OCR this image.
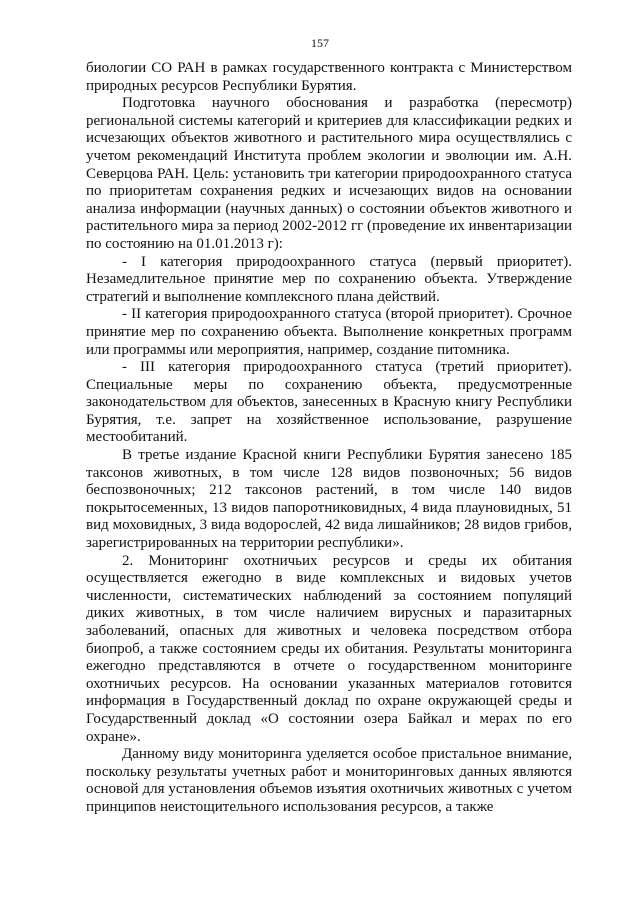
157

биологии СО РАН в рамках государственного контракта с Министерством природных ресурсов Республики Бурятия.

Подготовка научного обоснования и разработка (пересмотр) региональной системы категорий и критериев для классификации редких и исчезающих объектов животного и растительного мира осуществлялись с учетом рекомендаций Института проблем экологии и эволюции им. А.Н. Северцова РАН. Цель: установить три категории природоохранного статуса по приоритетам сохранения редких и исчезающих видов на основании анализа информации (научных данных) о состоянии объектов животного и растительного мира за период 2002-2012 гг (проведение их инвентаризации по состоянию на 01.01.2013 г):

- I категория природоохранного статуса (первый приоритет). Незамедлительное принятие мер по сохранению объекта. Утверждение стратегий и выполнение комплексного плана действий.

- II категория природоохранного статуса (второй приоритет). Срочное принятие мер по сохранению объекта. Выполнение конкретных программ или программы или мероприятия, например, создание питомника.

- III категория природоохранного статуса (третий приоритет). Специальные меры по сохранению объекта, предусмотренные законодательством для объектов, занесенных в Красную книгу Республики Бурятия, т.е. запрет на хозяйственное использование, разрушение местообитаний.

В третье издание Красной книги Республики Бурятия занесено 185 таксонов животных, в том числе 128 видов позвоночных; 56 видов беспозвоночных; 212 таксонов растений, в том числе 140 видов покрытосеменных, 13 видов папоротниковидных, 4 вида плауновидных, 51 вид моховидных, 3 вида водорослей, 42 вида лишайников; 28 видов грибов, зарегистрированных на территории республики».

2. Мониторинг охотничьих ресурсов и среды их обитания осуществляется ежегодно в виде комплексных и видовых учетов численности, систематических наблюдений за состоянием популяций диких животных, в том числе наличием вирусных и паразитарных заболеваний, опасных для животных и человека посредством отбора биопроб, а также состоянием среды их обитания. Результаты мониторинга ежегодно представляются в отчете о государственном мониторинге охотничьих ресурсов. На основании указанных материалов готовится информация в Государственный доклад по охране окружающей среды и Государственный доклад «О состоянии озера Байкал и мерах по его охране».

Данному виду мониторинга уделяется особое пристальное внимание, поскольку результаты учетных работ и мониторинговых данных являются основой для установления объемов изъятия охотничьих животных с учетом принципов неистощительного использования ресурсов, а также
